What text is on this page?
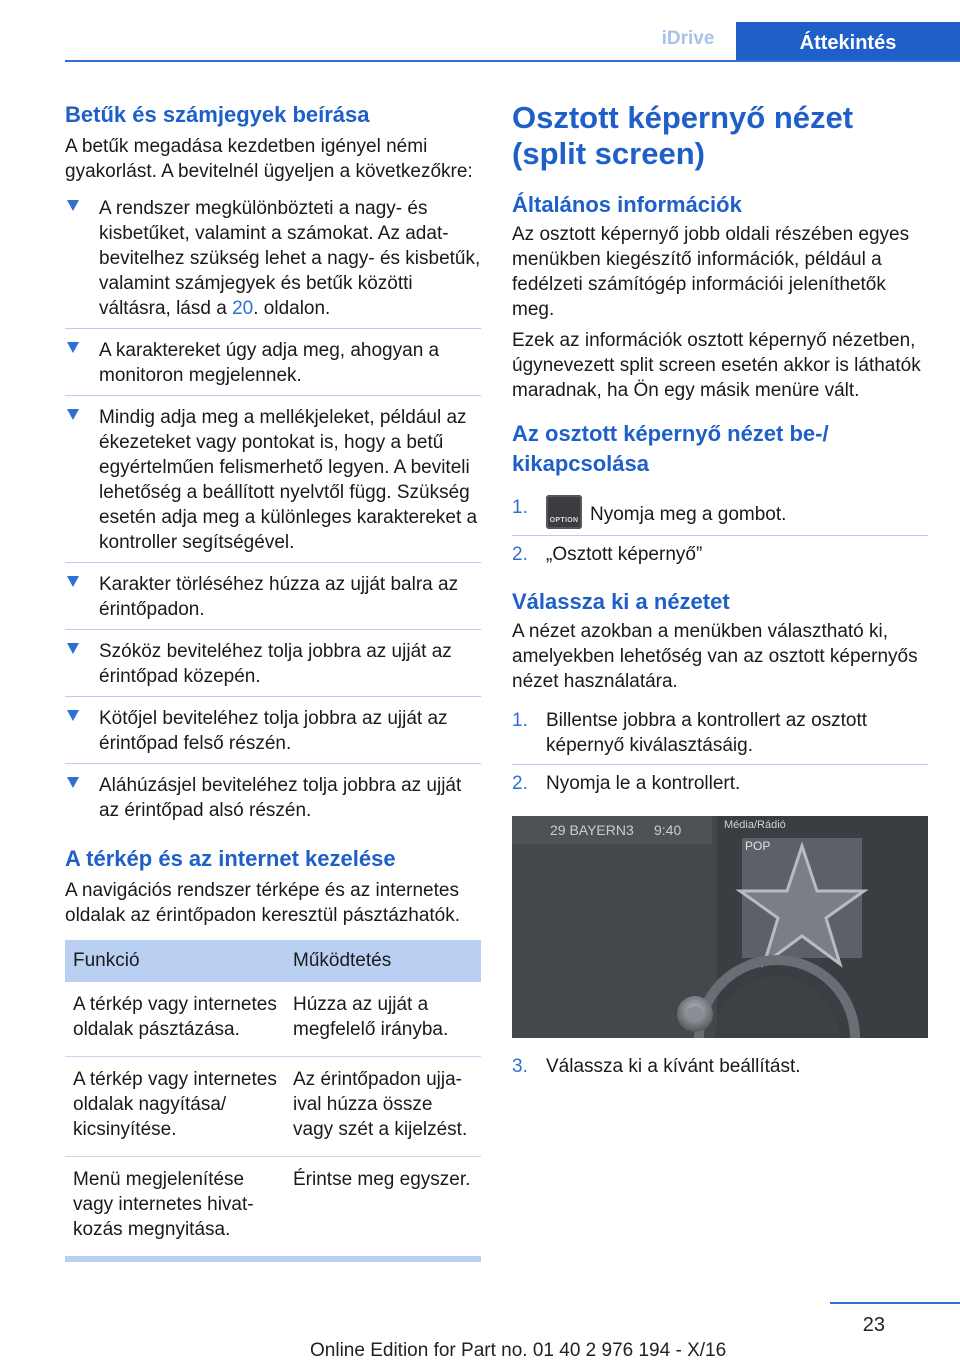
iDrive	Áttekintés
Betűk és számjegyek beírása

A betűk megadása kezdetben igényel némi gyakorlást. A bevitelnél ügyeljen a következőkre:

A rendszer megkülönbözteti a nagy- és kisbetűket, valamint a számokat. Az adatbevitelhez szükség lehet a nagy- és kisbetűk, valamint számjegyek és betűk közötti váltásra, lásd a 20. oldalon.
A karaktereket úgy adja meg, ahogyan a monitoron megjelennek.
Mindig adja meg a mellékjeleket, például az ékezeteket vagy pontokat is, hogy a betű egyértelműen felismerhető legyen. A beviteli lehetőség a beállított nyelvtől függ. Szükség esetén adja meg a különleges karaktereket a kontroller segítségével.
Karakter törléséhez húzza az ujját balra az érintőpadon.
Szóköz beviteléhez tolja jobbra az ujját az érintőpad közepén.
Kötőjel beviteléhez tolja jobbra az ujját az érintőpad felső részén.
Aláhúzásjel beviteléhez tolja jobbra az ujját az érintőpad alsó részén.
A térkép és az internet kezelése

A navigációs rendszer térképe és az internetes oldalak az érintőpadon keresztül pásztázhatók.

Funkció	Működtetés
A térkép vagy internetes oldalak pásztázása.	Húzza az ujját a megfelelő irányba.
A térkép vagy internetes oldalak nagyítása/ kicsinyítése.	Az érintőpadon ujjaival húzza össze vagy szét a kijelzést.
Menü megjelenítése vagy internetes hivatkozás megnyitása.	Érintse meg egyszer.
Osztott képernyő nézet (split screen)
Általános információk

Az osztott képernyő jobb oldali részében egyes menükben kiegészítő információk, például a fedélzeti számítógép információi jeleníthetők meg.

Ezek az információk osztott képernyő nézetben, úgynevezett split screen esetén akkor is láthatók maradnak, ha Ön egy másik menüre vált.

Az osztott képernyő nézet be-/ kikapcsolása
1.
OPTION Nyomja meg a gombot.
2. „Osztott képernyő”
Válassza ki a nézetet

A nézet azokban a menükben választható ki, amelyekben lehetőség van az osztott képernyős nézet használatára.

1. Billentse jobbra a kontrollert az osztott képernyő kiválasztásáig.
2. Nyomja le a kontrollert.
29 BAYERN3 9:40	Média/Rádió
POP
3. Válassza ki a kívánt beállítást.
23
Online Edition for Part no. 01 40 2 976 194 - X/16
